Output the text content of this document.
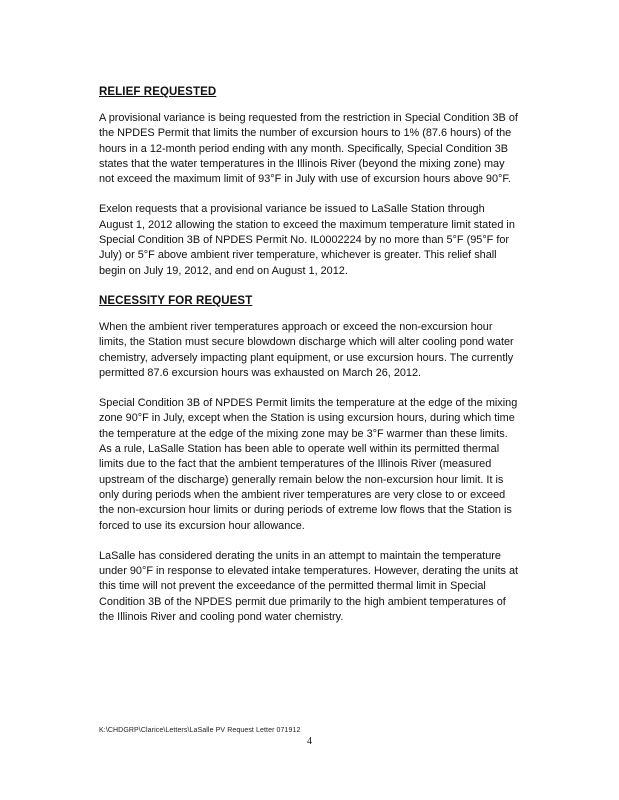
RELIEF REQUESTED

A provisional variance is being requested from the restriction in Special Condition 3B of the NPDES Permit that limits the number of excursion hours to 1% (87.6 hours) of the hours in a 12-month period ending with any month. Specifically, Special Condition 3B states that the water temperatures in the Illinois River (beyond the mixing zone) may not exceed the maximum limit of 93°F in July with use of excursion hours above 90°F.

Exelon requests that a provisional variance be issued to LaSalle Station through August 1, 2012 allowing the station to exceed the maximum temperature limit stated in Special Condition 3B of NPDES Permit No. IL0002224 by no more than 5°F (95°F for July) or 5°F above ambient river temperature, whichever is greater. This relief shall begin on July 19, 2012, and end on August 1, 2012.

NECESSITY FOR REQUEST

When the ambient river temperatures approach or exceed the non-excursion hour limits, the Station must secure blowdown discharge which will alter cooling pond water chemistry, adversely impacting plant equipment, or use excursion hours. The currently permitted 87.6 excursion hours was exhausted on March 26, 2012.

Special Condition 3B of NPDES Permit limits the temperature at the edge of the mixing zone 90°F in July, except when the Station is using excursion hours, during which time the temperature at the edge of the mixing zone may be 3°F warmer than these limits. As a rule, LaSalle Station has been able to operate well within its permitted thermal limits due to the fact that the ambient temperatures of the Illinois River (measured upstream of the discharge) generally remain below the non-excursion hour limit. It is only during periods when the ambient river temperatures are very close to or exceed the non-excursion hour limits or during periods of extreme low flows that the Station is forced to use its excursion hour allowance.

LaSalle has considered derating the units in an attempt to maintain the temperature under 90°F in response to elevated intake temperatures. However, derating the units at this time will not prevent the exceedance of the permitted thermal limit in Special Condition 3B of the NPDES permit due primarily to the high ambient temperatures of the Illinois River and cooling pond water chemistry.

K:\CHDGRP\Clarice\Letters\LaSalle PV Request Letter 071912
4
